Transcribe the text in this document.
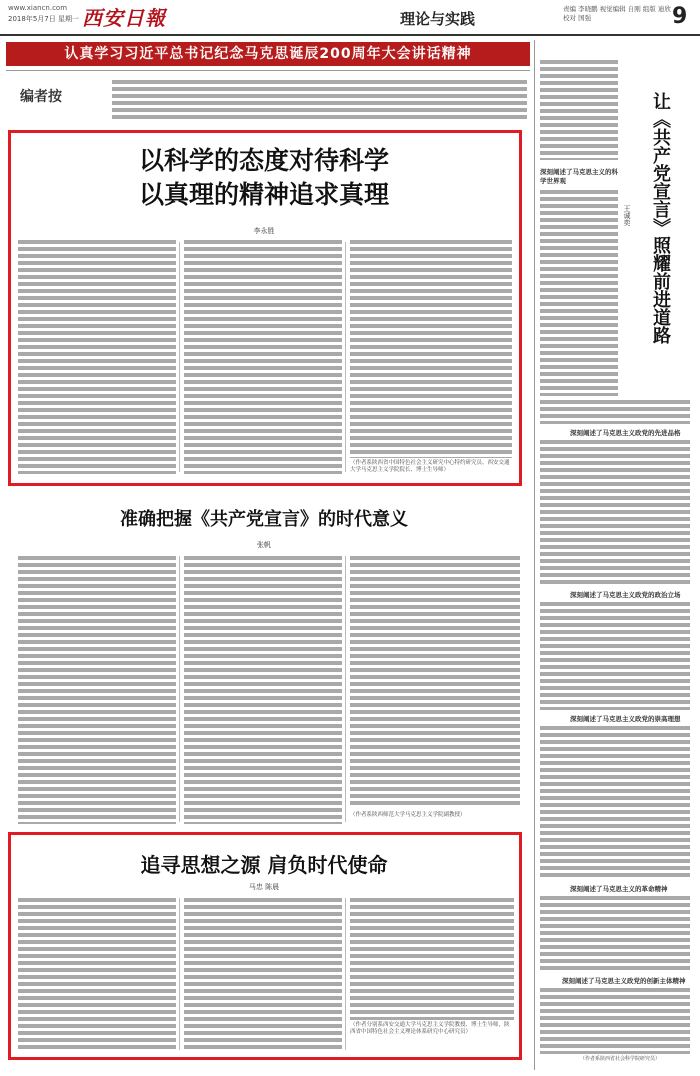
www.xiancn.com
2018年5月7日 星期一 西安日報	理论与实践
责编 李晓鹏 视觉编辑 自刚 组版 迪欣 校对 国强	9
认真学习习近平总书记纪念马克思诞辰200周年大会讲话精神
编者按
以科学的态度对待科学
以真理的精神追求真理
李永胜
（作者系陕西省中国特色社会主义研究中心特约研究员、西安交通大学马克思主义学院院长、博士生导师）
准确把握《共产党宣言》的时代意义
张帆
（作者系陕西师范大学马克思主义学院副教授）
追寻思想之源 肩负时代使命
马忠 陈晨
（作者分别系西安交通大学马克思主义学院教授、博士生导师，陕西省中国特色社会主义理论体系研究中心研究员）
让《共产党宣言》照耀前进道路
王诚奕
深刻阐述了马克思主义的科学世界观
深刻阐述了马克思主义政党的先进品格
深刻阐述了马克思主义政党的政治立场
深刻阐述了马克思主义政党的崇高理想
深刻阐述了马克思主义的革命精神
深刻阐述了马克思主义政党的创新主体精神
（作者系陕西省社会科学院研究员）
